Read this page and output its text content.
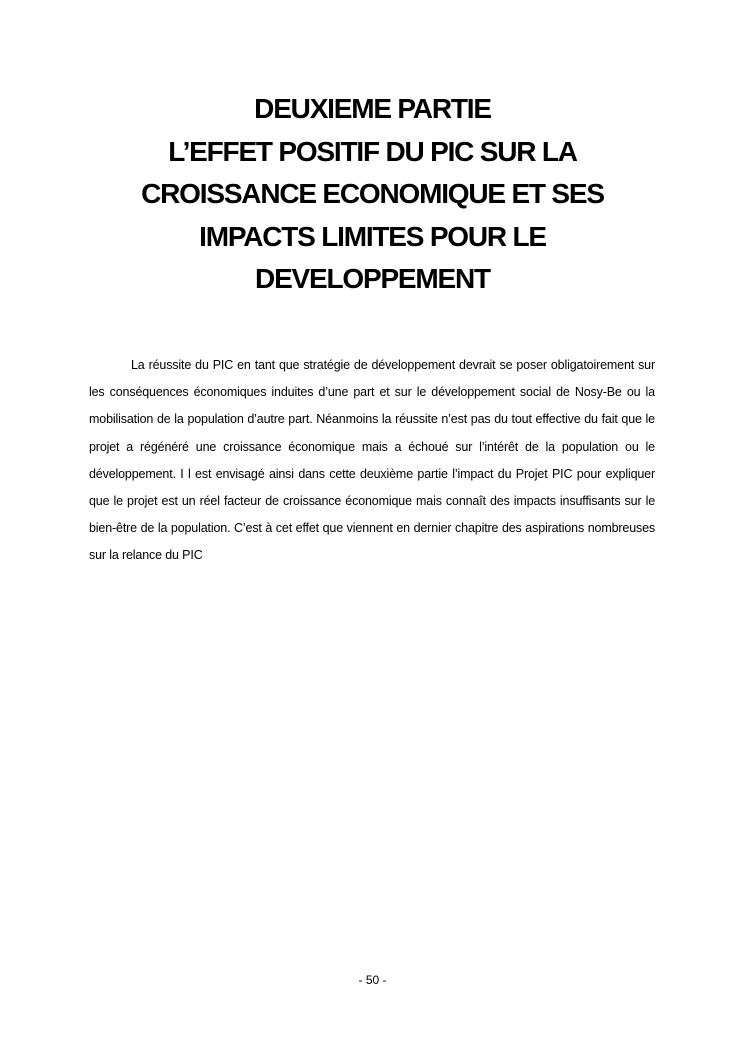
DEUXIEME PARTIE
L’EFFET POSITIF DU PIC SUR LA
CROISSANCE ECONOMIQUE ET SES
IMPACTS LIMITES POUR LE
DEVELOPPEMENT

La réussite du PIC en tant que stratégie de développement devrait se poser obligatoirement sur les conséquences économiques induites d’une part et sur le développement social de Nosy-Be ou la mobilisation de la population d’autre part. Néanmoins la réussite n’est pas du tout effective du fait que le projet a régénéré une croissance économique mais a échoué sur l’intérêt de la population ou le développement. I l est envisagé ainsi dans cette deuxième partie l’impact du Projet PIC pour expliquer que le projet est un réel facteur de croissance économique mais connaît des impacts insuffisants sur le bien-être de la population. C’est à cet effet que viennent en dernier chapitre des aspirations nombreuses sur la relance du PIC

- 50 -
